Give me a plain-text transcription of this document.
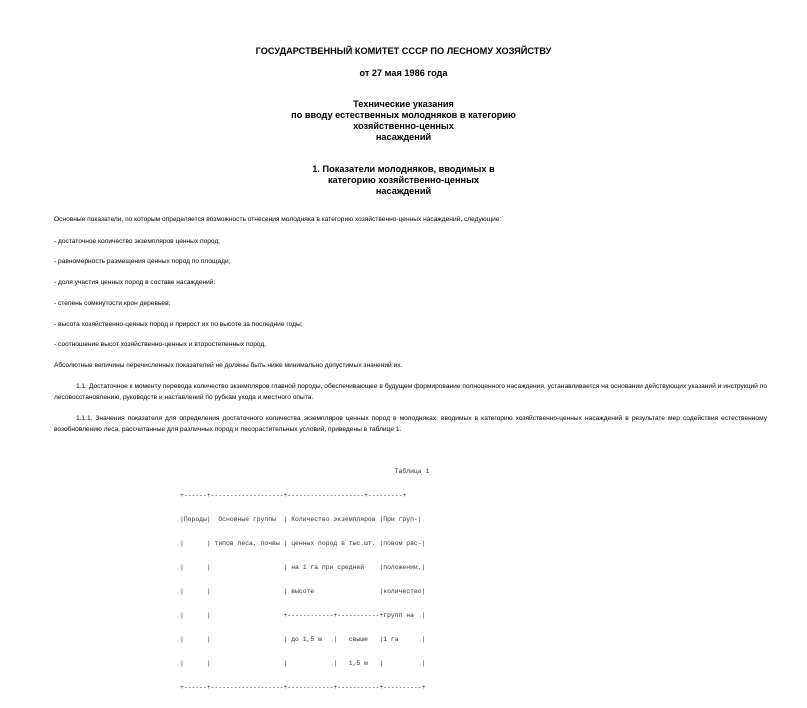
ГОСУДАРСТВЕННЫЙ КОМИТЕТ СССР ПО ЛЕСНОМУ ХОЗЯЙСТВУ
от 27 мая 1986 года
Технические указания
по вводу естественных молодняков в категорию
хозяйственно-ценных
насаждений
1. Показатели молодняков, вводимых в
категорию хозяйственно-ценных
насаждений
Основные показатели, по которым определяется возможность отнесения молодняка в категорию хозяйственно-ценных насаждений, следующие:
- достаточное количество экземпляров ценных пород;
- равномерность размещения ценных пород по площади;
- доля участия ценных пород в составе насаждений;
- степень сомкнутости крон деревьев;
- высота хозяйственно-ценных пород и прирост их по высоте за последние годы;
- соотношение высот хозяйственно-ценных и второстепенных пород.
Абсолютные величины перечисленных показателей не должны быть ниже минимально допустимых значений их.
1.1. Достаточное к моменту перевода количество экземпляров главной породы, обеспечивающее в будущем формирование полноценного насаждения, устанавливается на основании действующих указаний и инструкций по лесовосстановлению, руководств и наставлений по рубкам ухода и местного опыта.
1.1.1. Значения показателя для определения достаточного количества экземпляров ценных пород в молодняках, вводимых в категорию хозяйственно-ценных насаждений в результате мер содействия естественному возобновлению леса, рассчитанные для различных пород и лесорастительных условий, приведены в таблице 1.

Таблица 1

+------+-------------------+--------------------+---------+

|Породы|  Основные группы  | Количество экземпляров |При груп-|

|      | типов леса, почвы | ценных пород в тыс.шт. |повом рас-|

|      |                   | на 1 га при средней    |положении,|

|      |                   | высоте                 |количество|

|      |                   +------------+-----------+групп на  |

|      |                   | до 1,5 м   |   свыше   |1 га      |

|      |                   |            |   1,5 м   |          |

+------+-------------------+------------+-----------+----------+
